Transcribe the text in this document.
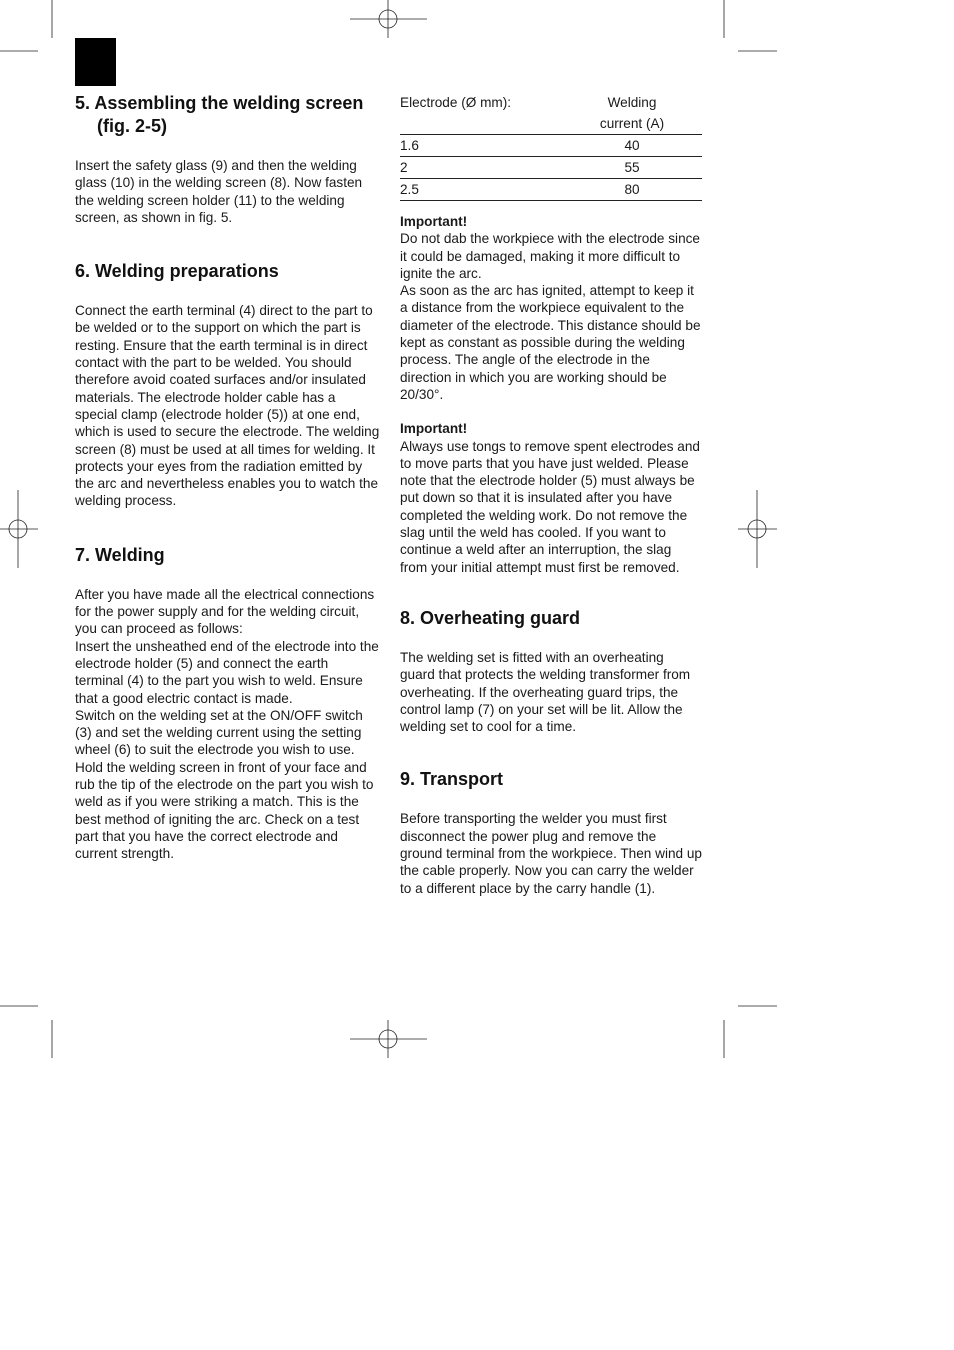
5. Assembling the welding screen (fig. 2-5)

Insert the safety glass (9) and then the welding glass (10) in the welding screen (8). Now fasten the welding screen holder (11) to the welding screen, as shown in fig. 5.

6. Welding preparations

Connect the earth terminal (4) direct to the part to be welded or to the support on which the part is resting. Ensure that the earth terminal is in direct contact with the part to be welded. You should therefore avoid coated surfaces and/or insulated materials. The electrode holder cable has a special clamp (electrode holder (5)) at one end, which is used to secure the electrode. The welding screen (8) must be used at all times for welding. It protects your eyes from the radiation emitted by the arc and nevertheless enables you to watch the welding process.

7. Welding

After you have made all the electrical connections for the power supply and for the welding circuit, you can proceed as follows:

Insert the unsheathed end of the electrode into the electrode holder (5) and connect the earth terminal (4) to the part you wish to weld. Ensure that a good electric contact is made.

Switch on the welding set at the ON/OFF switch (3) and set the welding current using the setting wheel (6) to suit the electrode you wish to use. Hold the welding screen in front of your face and rub the tip of the electrode on the part you wish to weld as if you were striking a match. This is the best method of igniting the arc. Check on a test part that you have the correct electrode and current strength.

Electrode (Ø mm):	Welding
current (A)

1.6	40
2	55
2.5	80

Important!

Do not dab the workpiece with the electrode since it could be damaged, making it more difficult to ignite the arc.

As soon as the arc has ignited, attempt to keep it a distance from the workpiece equivalent to the diameter of the electrode. This distance should be kept as constant as possible during the welding process. The angle of the electrode in the direction in which you are working should be 20/30°.

Important!

Always use tongs to remove spent electrodes and to move parts that you have just welded. Please note that the electrode holder (5) must always be put down so that it is insulated after you have completed the welding work. Do not remove the slag until the weld has cooled. If you want to continue a weld after an interruption, the slag from your initial attempt must first be removed.

8. Overheating guard

The welding set is fitted with an overheating guard that protects the welding transformer from overheating. If the overheating guard trips, the control lamp (7) on your set will be lit. Allow the welding set to cool for a time.

9. Transport

Before transporting the welder you must first disconnect the power plug and remove the ground terminal from the workpiece. Then wind up the cable properly. Now you can carry the welder to a different place by the carry handle (1).
